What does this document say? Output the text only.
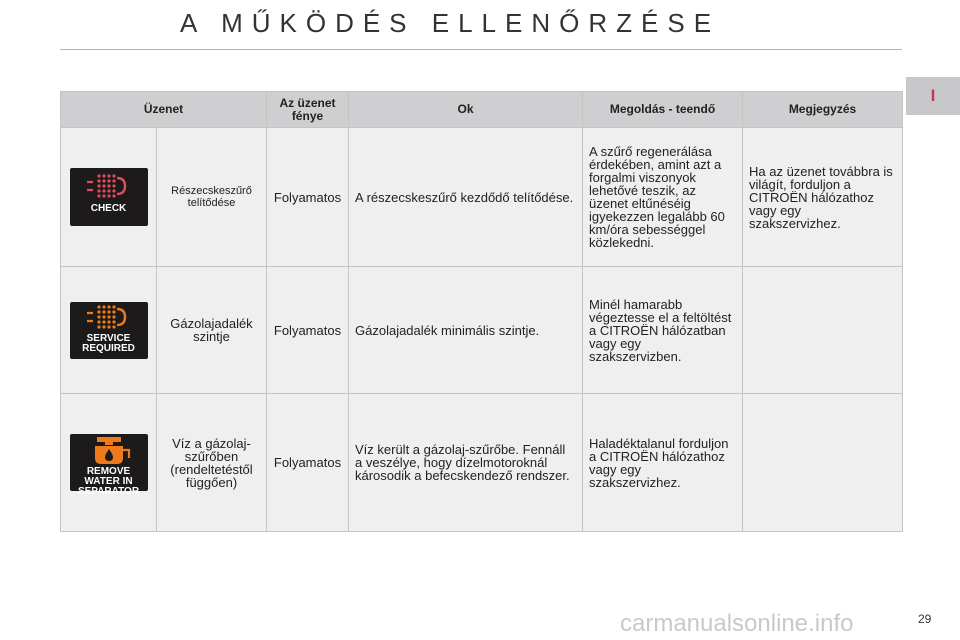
A MŰKÖDÉS ELLENŐRZÉSE
I
Üzenet		Az üzenet fénye	Ok	Megoldás - teendő	Megjegyzés

CHECK	Részecskeszűrő telítődése	Folyamatos	A részecskeszűrő kezdődő telítődése.	A szűrő regenerálása érdekében, amint azt a forgalmi viszonyok lehetővé teszik, az üzenet eltűnéséig igyekezzen legalább 60 km/óra sebességgel közlekedni.	Ha az üzenet továbbra is világít, forduljon a CITROËN hálózathoz vagy egy szakszervizhez.

SERVICE REQUIRED	Gázolajadalék szintje	Folyamatos	Gázolajadalék minimális szintje.	Minél hamarabb végeztesse el a feltöltést a CITROËN hálózatban vagy egy szakszervizben.	

REMOVE WATER IN SEPARATOR	Víz a gázolaj-szűrőben (rendeltetéstől függően)	Folyamatos	Víz került a gázolaj-szűrőbe. Fennáll a veszélye, hogy dízelmotoroknál károsodik a befecskendező rendszer.	Haladéktalanul forduljon a CITROËN hálózathoz vagy egy szakszervizhez.	
carmanualsonline.info	29
